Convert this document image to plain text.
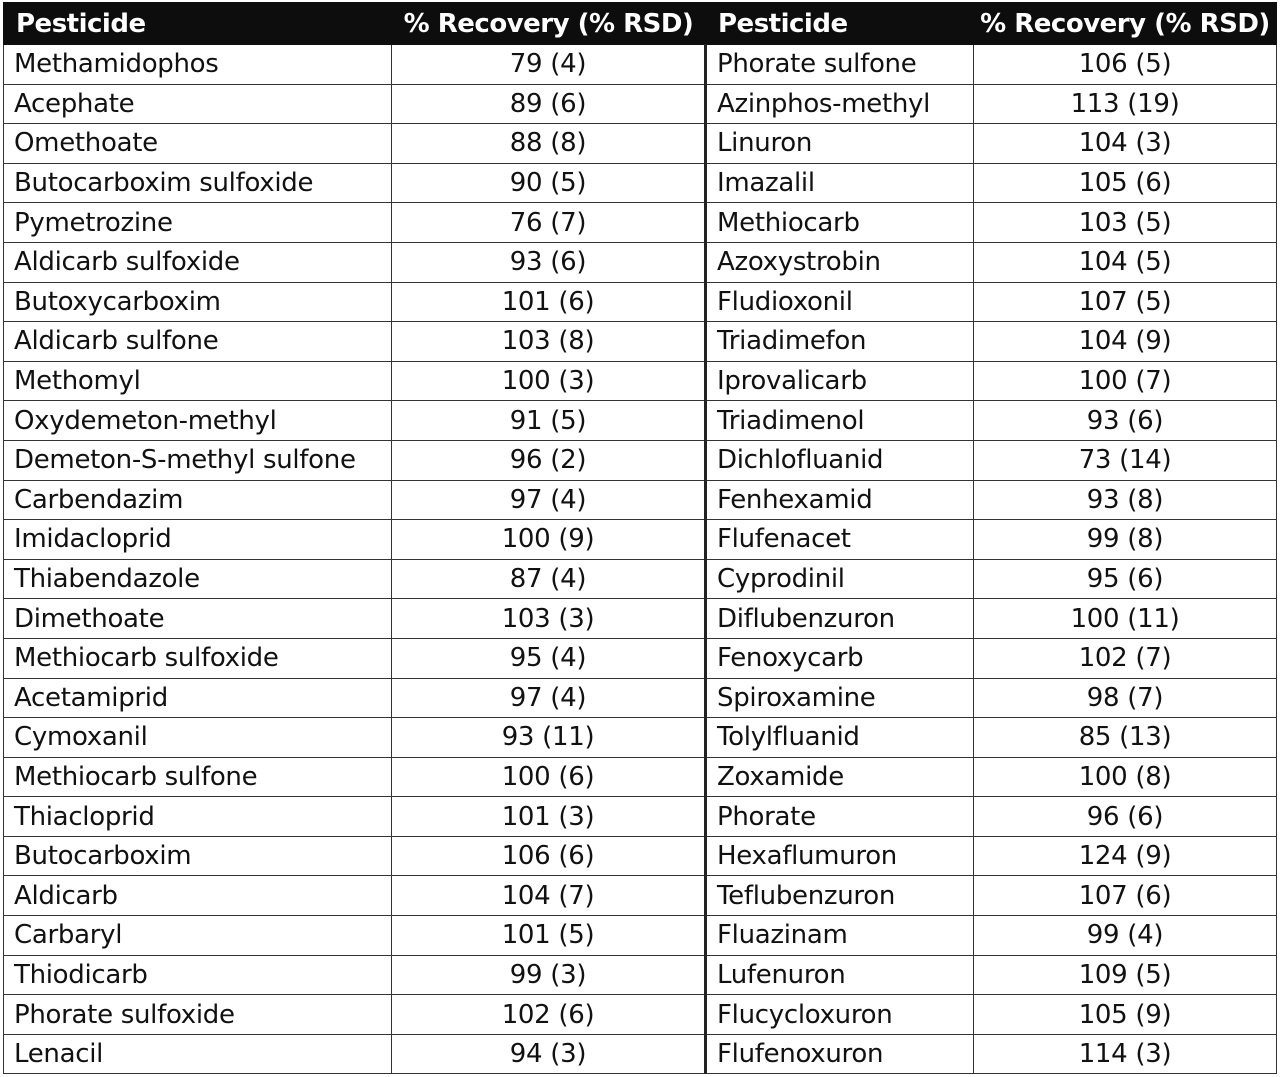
Pesticide	% Recovery (% RSD)	Pesticide	% Recovery (% RSD)
Methamidophos	79 (4)	Phorate sulfone	106 (5)
Acephate	89 (6)	Azinphos-methyl	113 (19)
Omethoate	88 (8)	Linuron	104 (3)
Butocarboxim sulfoxide	90 (5)	Imazalil	105 (6)
Pymetrozine	76 (7)	Methiocarb	103 (5)
Aldicarb sulfoxide	93 (6)	Azoxystrobin	104 (5)
Butoxycarboxim	101 (6)	Fludioxonil	107 (5)
Aldicarb sulfone	103 (8)	Triadimefon	104 (9)
Methomyl	100 (3)	Iprovalicarb	100 (7)
Oxydemeton-methyl	91 (5)	Triadimenol	93 (6)
Demeton-S-methyl sulfone	96 (2)	Dichlofluanid	73 (14)
Carbendazim	97 (4)	Fenhexamid	93 (8)
Imidacloprid	100 (9)	Flufenacet	99 (8)
Thiabendazole	87 (4)	Cyprodinil	95 (6)
Dimethoate	103 (3)	Diflubenzuron	100 (11)
Methiocarb sulfoxide	95 (4)	Fenoxycarb	102 (7)
Acetamiprid	97 (4)	Spiroxamine	98 (7)
Cymoxanil	93 (11)	Tolylfluanid	85 (13)
Methiocarb sulfone	100 (6)	Zoxamide	100 (8)
Thiacloprid	101 (3)	Phorate	96 (6)
Butocarboxim	106 (6)	Hexaflumuron	124 (9)
Aldicarb	104 (7)	Teflubenzuron	107 (6)
Carbaryl	101 (5)	Fluazinam	99 (4)
Thiodicarb	99 (3)	Lufenuron	109 (5)
Phorate sulfoxide	102 (6)	Flucycloxuron	105 (9)
Lenacil	94 (3)	Flufenoxuron	114 (3)
